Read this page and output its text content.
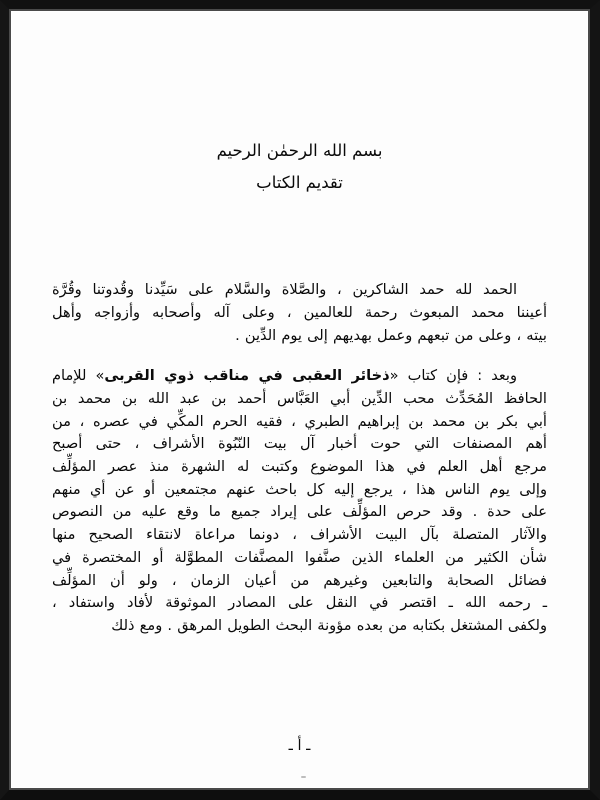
بسم الله الرحمٰن الرحيم
تقديم الكتاب

الحمد لله حمد الشاكرين ، والصَّلاة والسَّلام على سَيِّدنا وقُدوتنا وقُرَّة
أعيننا محمد المبعوث رحمة للعالمين ، وعلى آله وأصحابه وأزواجه وأهل
بيته ، وعلى من تبعهم وعمل بهديهم إلى يوم الدِّين .

وبعد : فإن كتاب «ذخائر العقبى في مناقب ذوي القربى» للإمام
الحافظ المُحَدِّث محب الدِّين أبي العَبَّاس أحمد بن عبد الله بن محمد بن
أبي بكر بن محمد بن إبراهيم الطبري ، فقيه الحرم المكِّي في عصره ، من
أهم المصنفات التي حوت أخبار آل بيت النّبُوة الأشراف ، حتى أصبح
مرجع أهل العلم في هذا الموضوع وكتبت له الشهرة منذ عصر المؤلِّف
وإلى يوم الناس هذا ، يرجع إليه كل باحث عنهم مجتمعين أو عن أي منهم
على حدة . وقد حرص المؤلِّف على إيراد جميع ما وقع عليه من النصوص
والآثار المتصلة بآل البيت الأشراف ، دونما مراعاة لانتقاء الصحيح منها
شأن الكثير من العلماء الذين صنَّفوا المصنَّفات المطوَّلة أو المختصرة في
فضائل الصحابة والتابعين وغيرهم من أعيان الزمان ، ولو أن المؤلِّف
ـ رحمه الله ـ اقتصر في النقل على المصادر الموثوقة لأفاد واستفاد ،
ولكفى المشتغل بكتابه من بعده مؤونة البحث الطويل المرهق . ومع ذلك

ـ أ ـ
